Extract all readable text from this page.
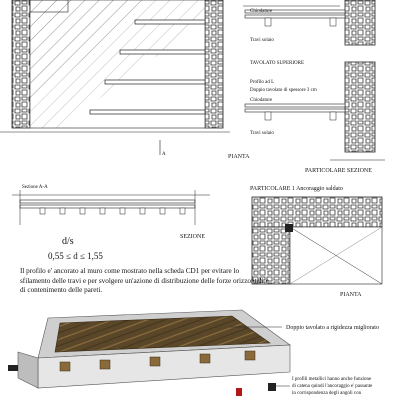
A	PIANTA
Chiodature
Travi solaio
TAVOLATO SUPERIORE
Profilo ad L
Doppio tavolato di spessore 3 cm
Chiodature
Travi solaio
PARTICOLARE SEZIONE
Sezione A-A
SEZIONE
PARTICOLARE 1 Ancoraggio saldato
PIANTA
Doppio tavolato a rigidezza migliorato
I profili metallici hanno anche funzione
di catena quindi l'ancoraggio e' passante
in corrispondenza degli angoli con
d/s
0,55 ≤ d ≤ 1,55
Il profilo e' ancorato al muro come mostrato nella scheda CD1 per evitare lo sfilamento delle travi e per svolgere un'azione di distribuzione delle forze orizzontali e di contenimento delle pareti.
